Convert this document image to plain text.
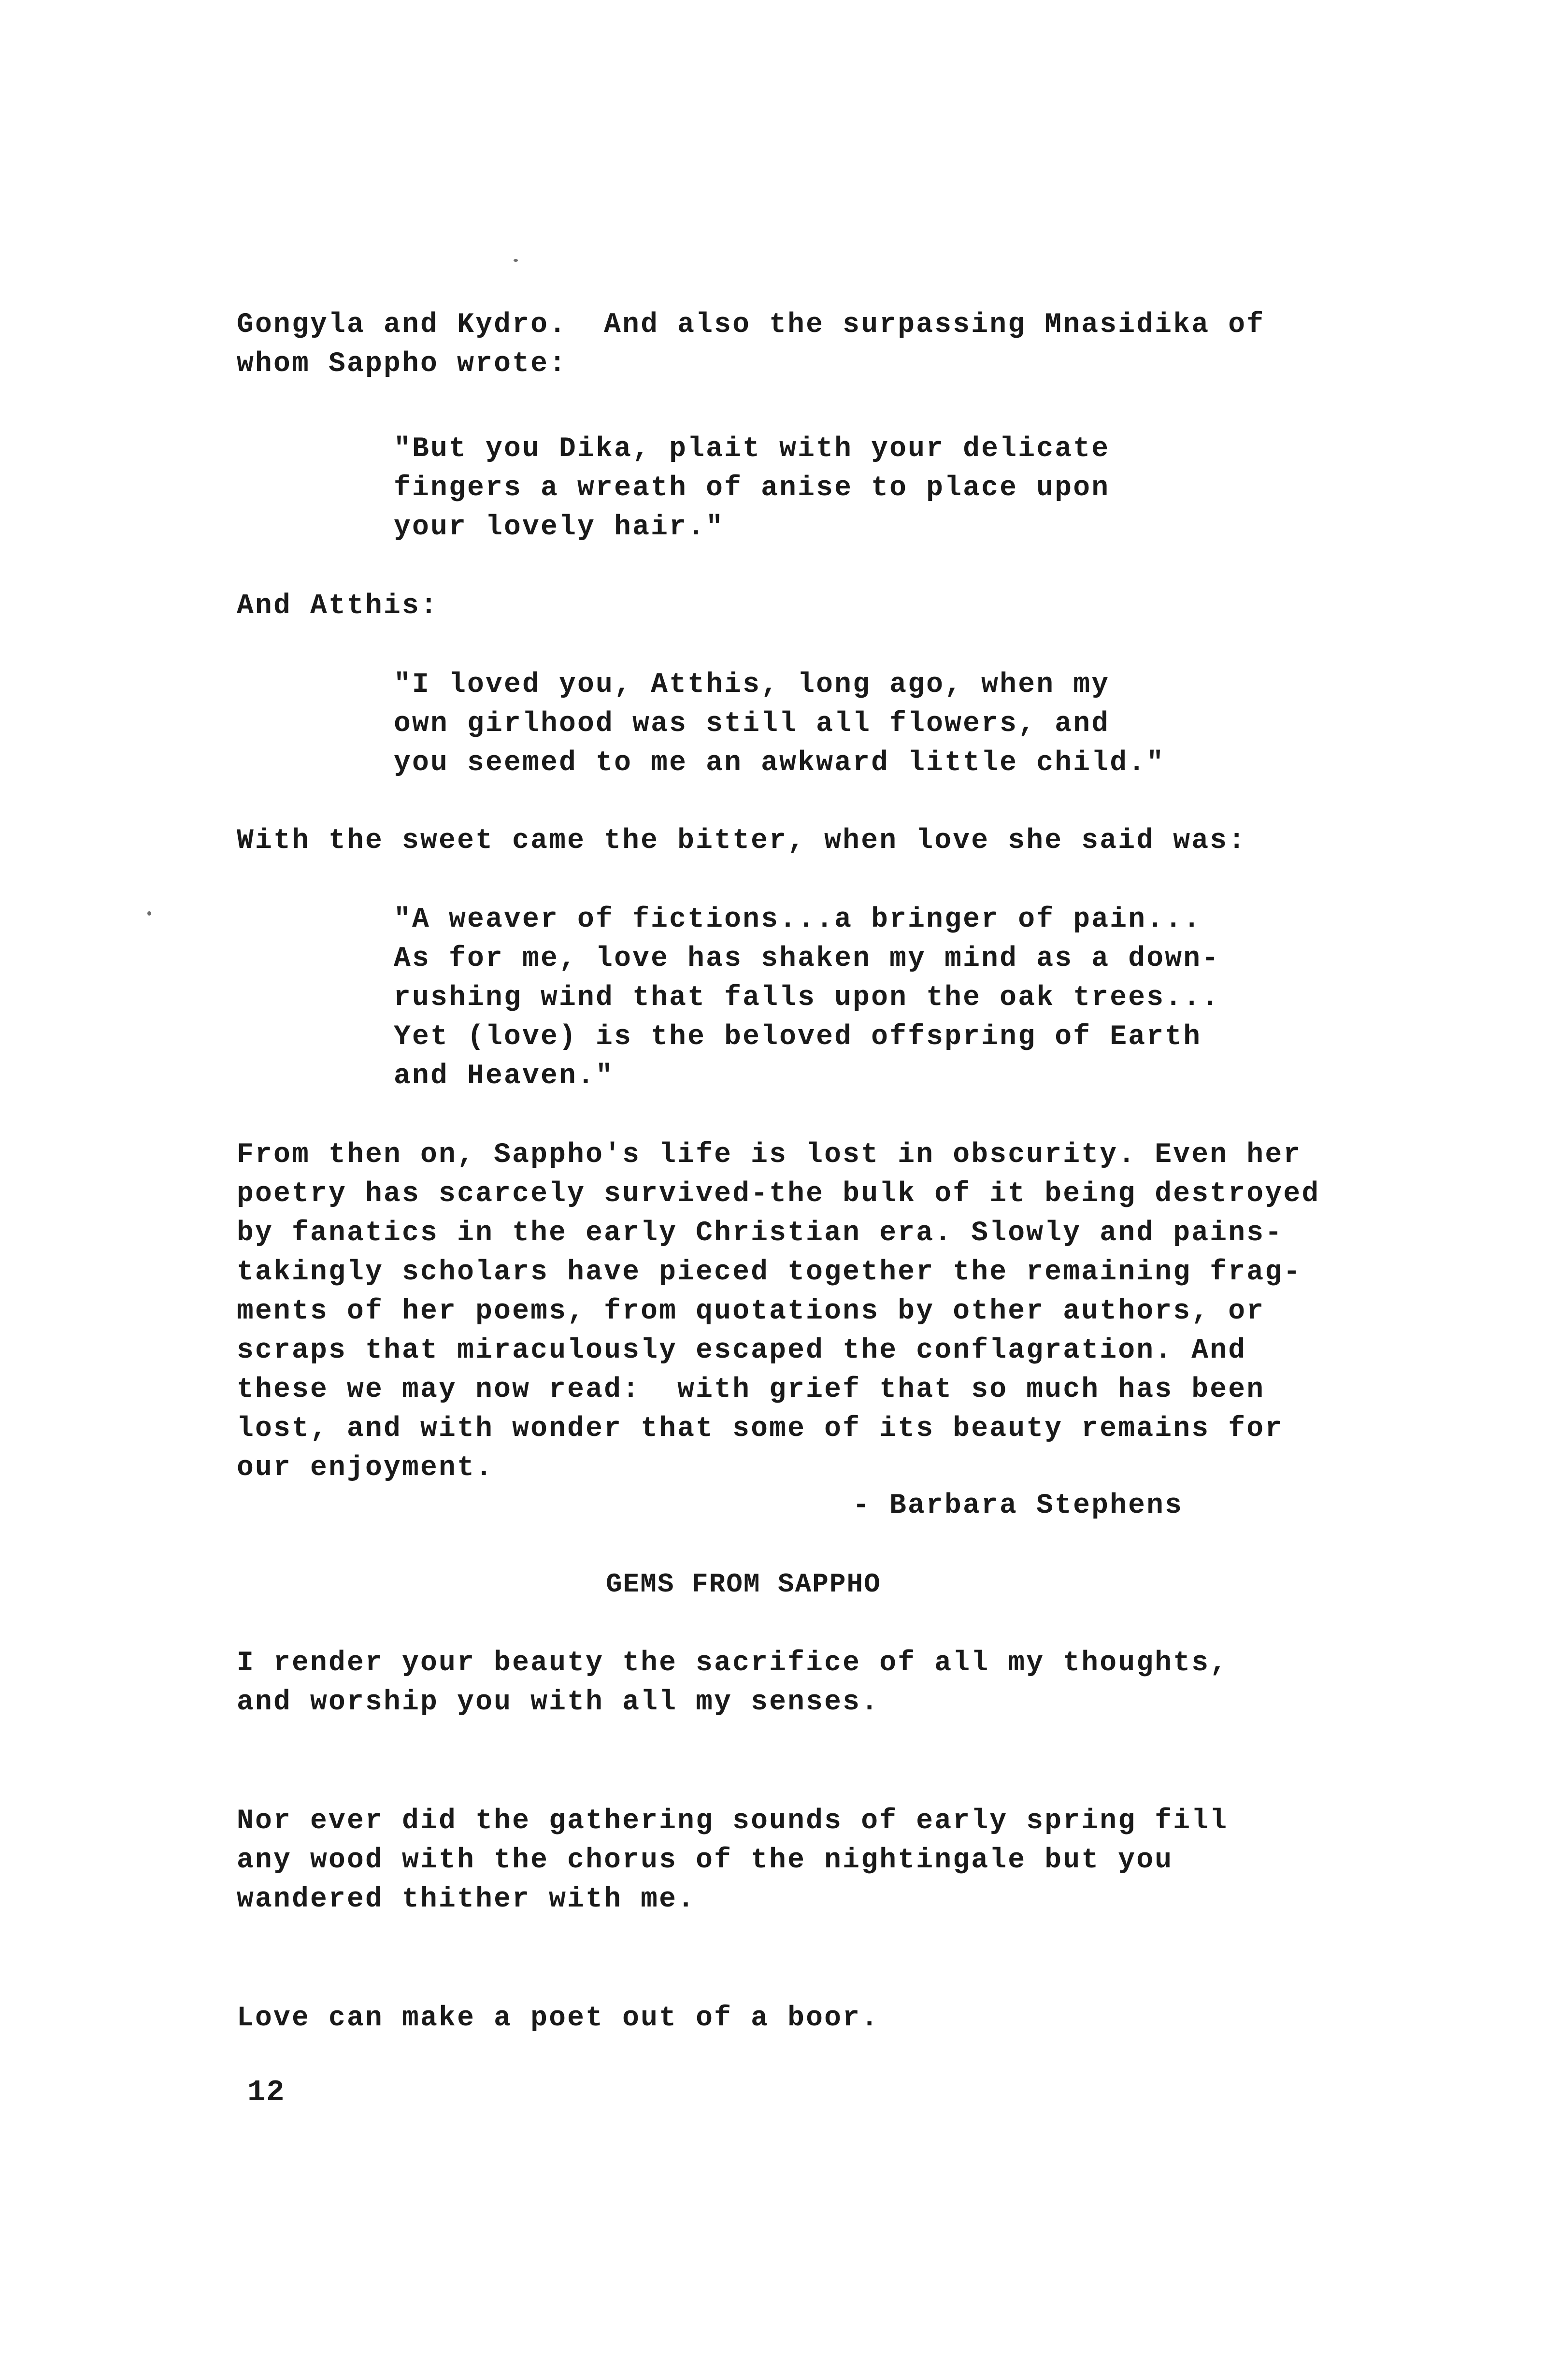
Gongyla and Kydro.  And also the surpassing Mnasidika of
whom Sappho wrote:
"But you Dika, plait with your delicate
fingers a wreath of anise to place upon
your lovely hair."
And Atthis:
"I loved you, Atthis, long ago, when my
own girlhood was still all flowers, and
you seemed to me an awkward little child."
With the sweet came the bitter, when love she said was:
"A weaver of fictions...a bringer of pain...
As for me, love has shaken my mind as a down-
rushing wind that falls upon the oak trees...
Yet (love) is the beloved offspring of Earth
and Heaven."
From then on, Sappho's life is lost in obscurity. Even her
poetry has scarcely survived-the bulk of it being destroyed
by fanatics in the early Christian era. Slowly and pains-
takingly scholars have pieced together the remaining frag-
ments of her poems, from quotations by other authors, or
scraps that miraculously escaped the conflagration. And
these we may now read:  with grief that so much has been
lost, and with wonder that some of its beauty remains for
our enjoyment.
- Barbara Stephens
GEMS FROM SAPPHO
I render your beauty the sacrifice of all my thoughts,
and worship you with all my senses.
Nor ever did the gathering sounds of early spring fill
any wood with the chorus of the nightingale but you
wandered thither with me.
Love can make a poet out of a boor.
12
